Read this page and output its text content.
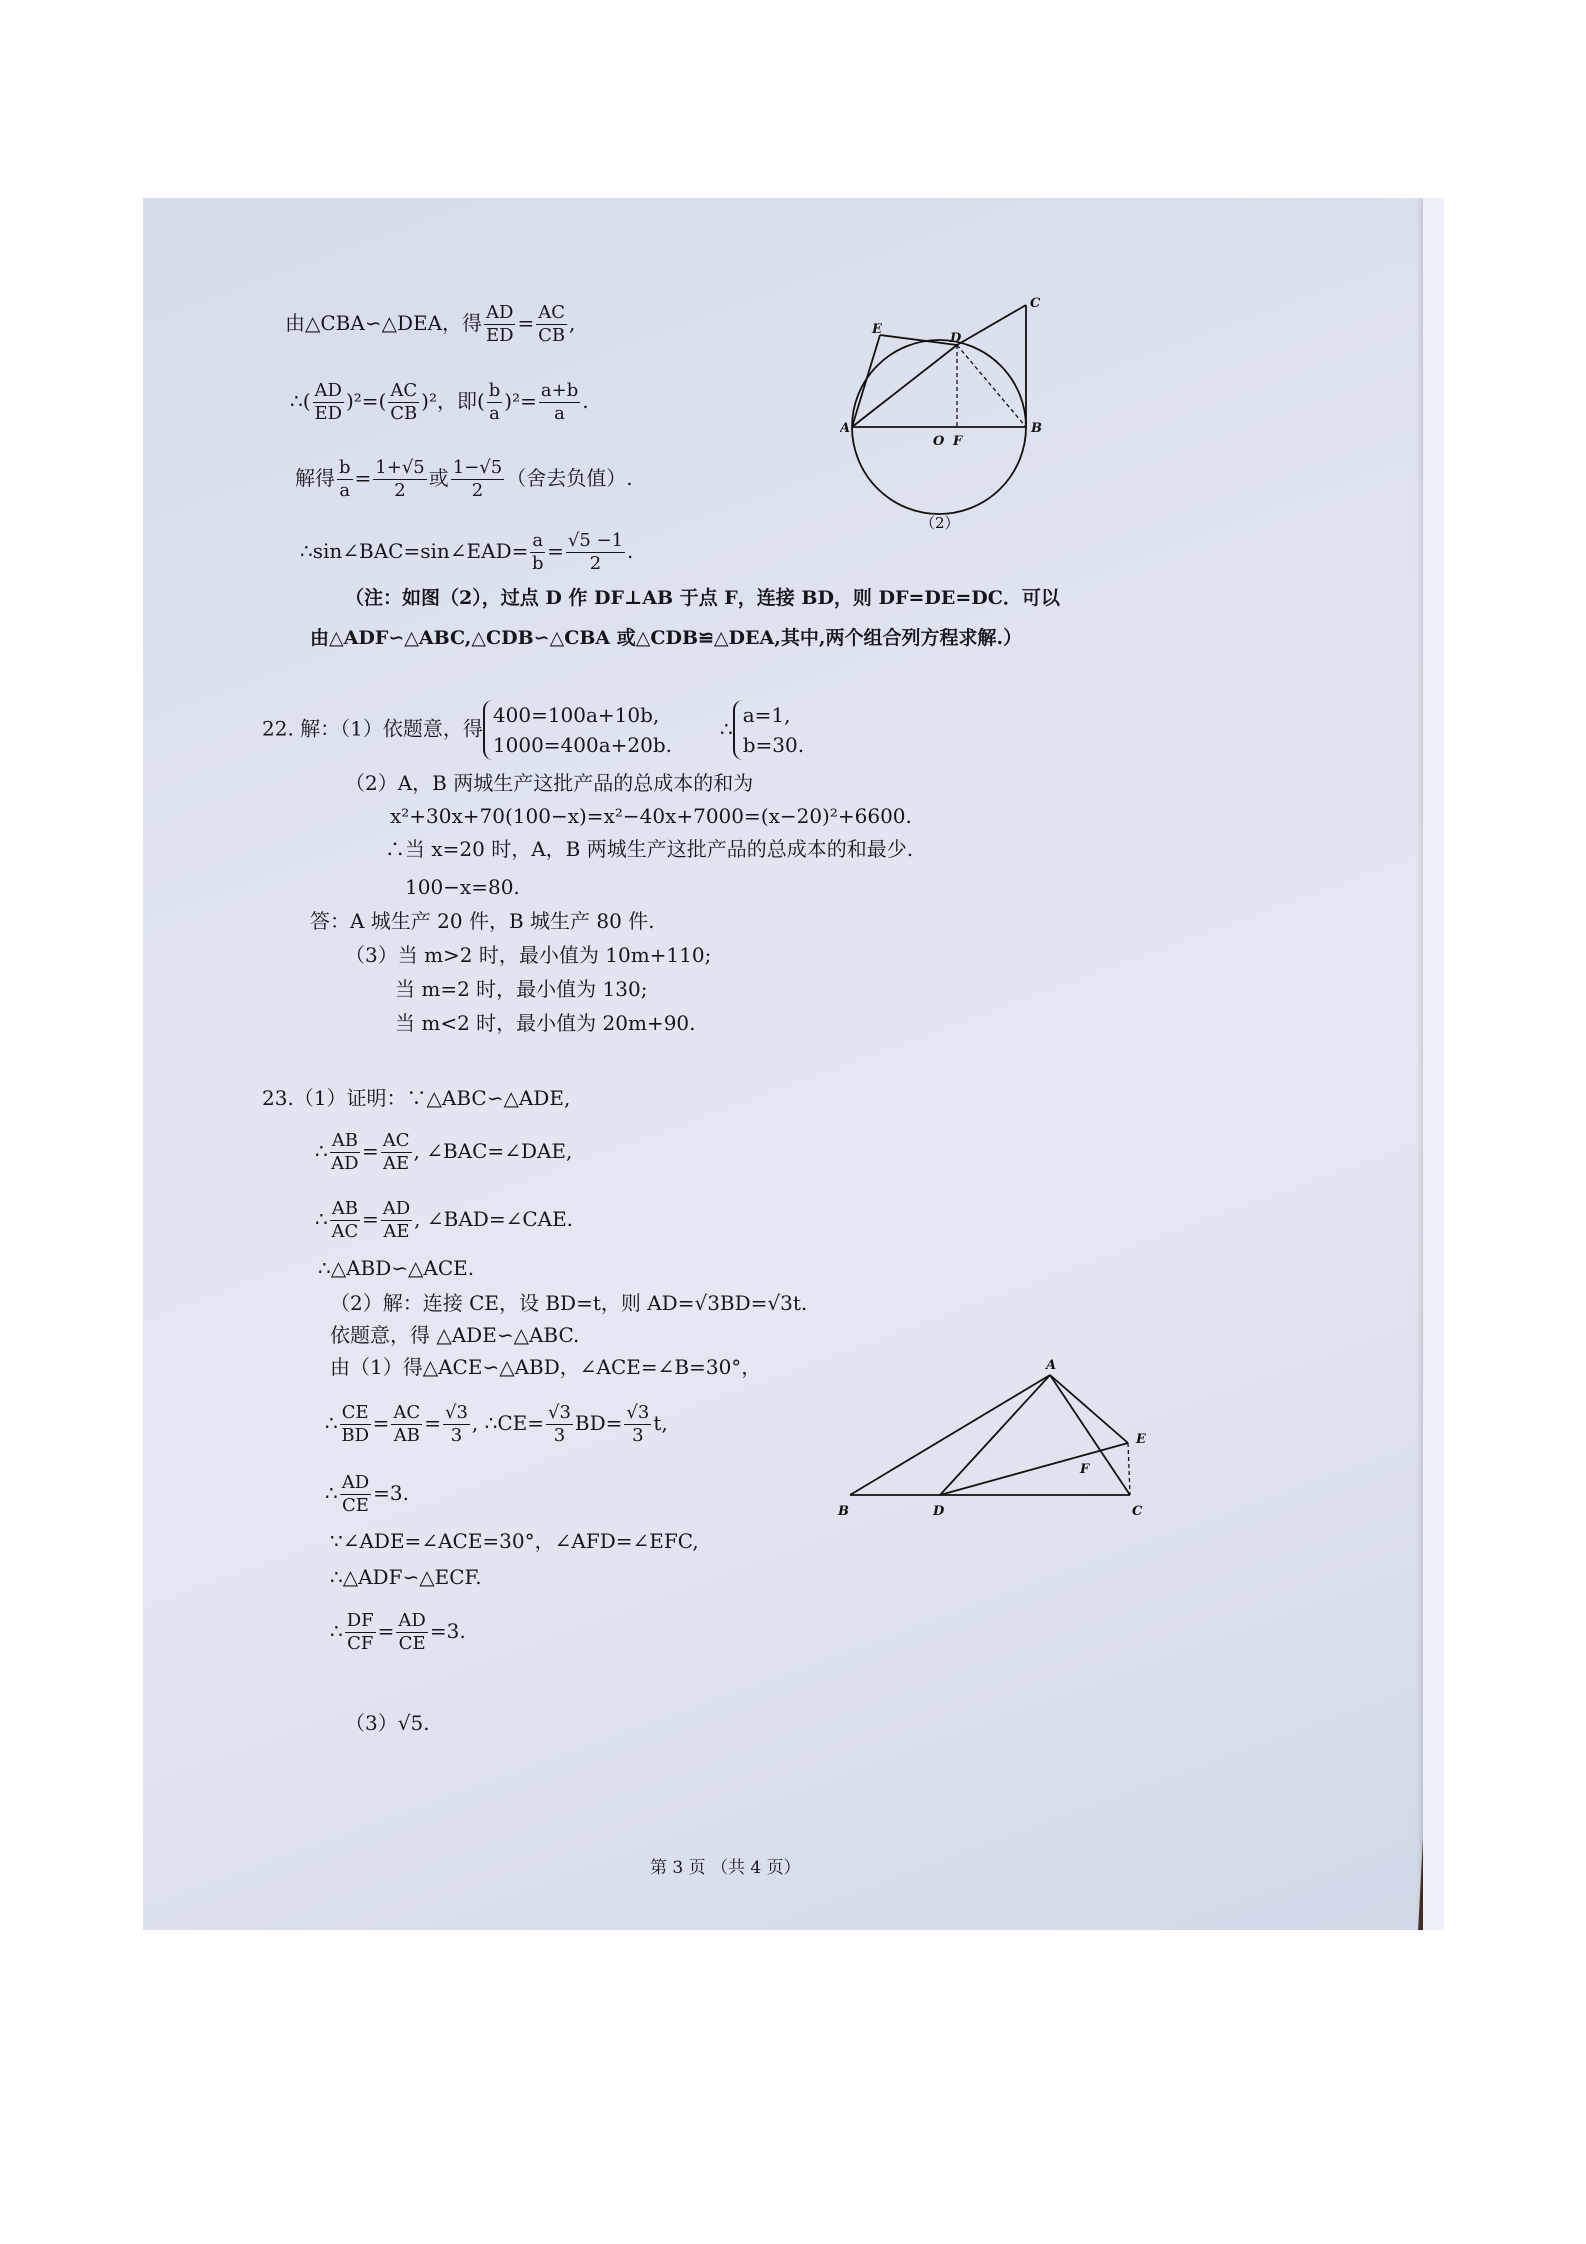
由△CBA∽△DEA，得 $\frac{AD}{ED} = \frac{AC}{CB}$ ,
∴( $\frac{AD}{ED} )^2=( \frac{AC}{CB} )^2$，即( $\frac{b}{a} )^2= \frac{a+b}{a}$ .
解得 $\frac{b}{a} = \frac{1+√5}{2}$ 或 $\frac{1-√5}{2}$ （舍去负值）.
∴sin∠BAC=sin∠EAD= $\frac{a}{b} = \frac{√5 -1}{2}$ .
（注：如图（2），过点 D 作 DF⊥AB 于点 F，连接 BD，则 DF=DE=DC．可以
由△ADF∽△ABC,△CDB∽△CBA 或△CDB≌△DEA,其中,两个组合列方程求解.）
E
D
C
A
O F
B
（2）
22. 解：（1）依题意，得
400=100a+10b,
1000=400a+20b.
∴
a=1,
b=30.
（2）A，B 两城生产这批产品的总成本的和为
x²+30x+70(100−x)=x²−40x+7000=(x−20)²+6600.
∴当 x=20 时，A，B 两城生产这批产品的总成本的和最少.
100−x=80.
答：A 城生产 20 件，B 城生产 80 件.
（3）当 m>2 时，最小值为 10m+110;
当 m=2 时，最小值为 130;
当 m<2 时，最小值为 20m+90.
23.（1）证明：∵△ABC∽△ADE,
∴ $\frac{AB}{AD} = \frac{AC}{AE}$ , ∠BAC=∠DAE,
∴ $\frac{AB}{AC} = \frac{AD}{AE}$ , ∠BAD=∠CAE.
∴△ABD∽△ACE.
（2）解：连接 CE，设 BD=t，则 AD=√3BD=√3t.
依题意，得 △ADE∽△ABC.
由（1）得△ACE∽△ABD，∠ACE=∠B=30°，
∴ $\frac{CE}{BD} = \frac{AC}{AB} = \frac{√3}{3}$ , ∴CE= $\frac{√3}{3} BD= \frac{√3}{3} t$,
∴ $\frac{AD}{CE} =3$.
∵∠ADE=∠ACE=30°，∠AFD=∠EFC,
∴△ADF∽△ECF.
∴ $\frac{DF}{CF} = \frac{AD}{CE} =3$.
（3）√5.
A
E
F
B	D	C
第 3 页 （共 4 页）
